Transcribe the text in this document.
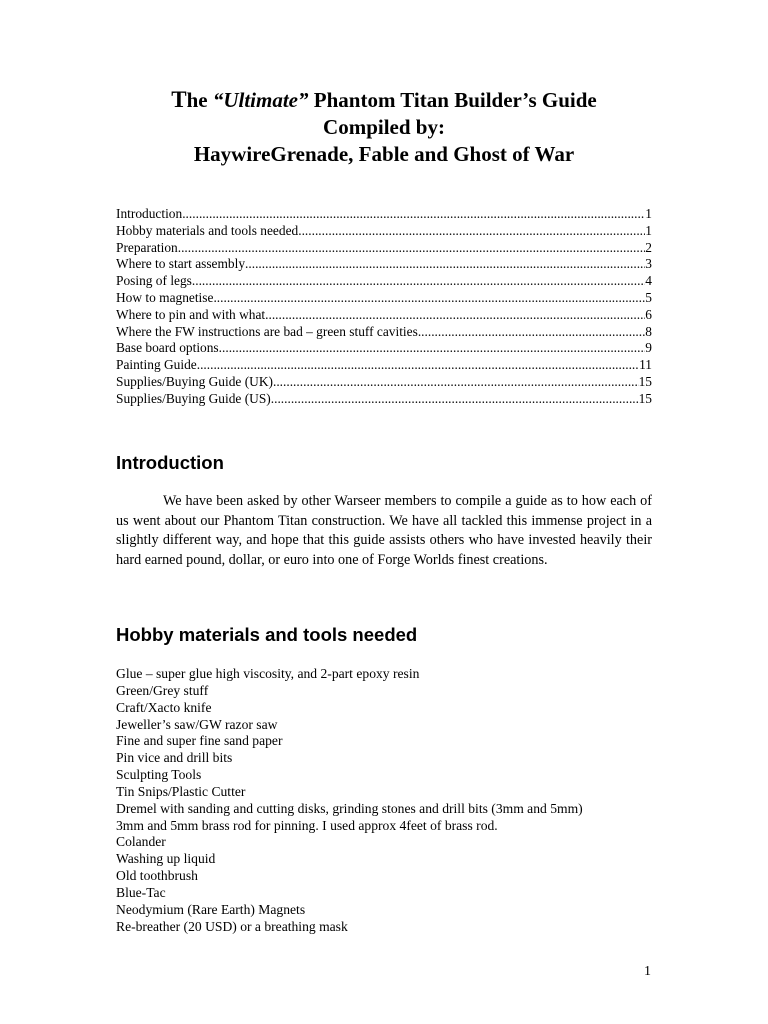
The “Ultimate” Phantom Titan Builder’s Guide
Compiled by:
HaywireGrenade, Fable and Ghost of War
Introduction .....	1
Hobby materials and tools needed .....	1
Preparation .....	2
Where to start assembly .....	3
Posing of legs .....	4
How to magnetise .....	5
Where to pin and with what .....	6
Where the FW instructions are bad – green stuff cavities .....	8
Base board options .....	9
Painting Guide .....	11
Supplies/Buying Guide (UK) .....	15
Supplies/Buying Guide (US) .....	15
Introduction

We have been asked by other Warseer members to compile a guide as to how each of us went about our Phantom Titan construction. We have all tackled this immense project in a slightly different way, and hope that this guide assists others who have invested heavily their hard earned pound, dollar, or euro into one of Forge Worlds finest creations.

Hobby materials and tools needed
Glue – super glue high viscosity, and 2-part epoxy resin
Green/Grey stuff
Craft/Xacto knife
Jeweller’s saw/GW razor saw
Fine and super fine sand paper
Pin vice and drill bits
Sculpting Tools
Tin Snips/Plastic Cutter
Dremel with sanding and cutting disks, grinding stones and drill bits (3mm and 5mm)
3mm and 5mm brass rod for pinning. I used approx 4feet of brass rod.
Colander
Washing up liquid
Old toothbrush
Blue-Tac
Neodymium (Rare Earth) Magnets
Re-breather (20 USD) or a breathing mask
1
